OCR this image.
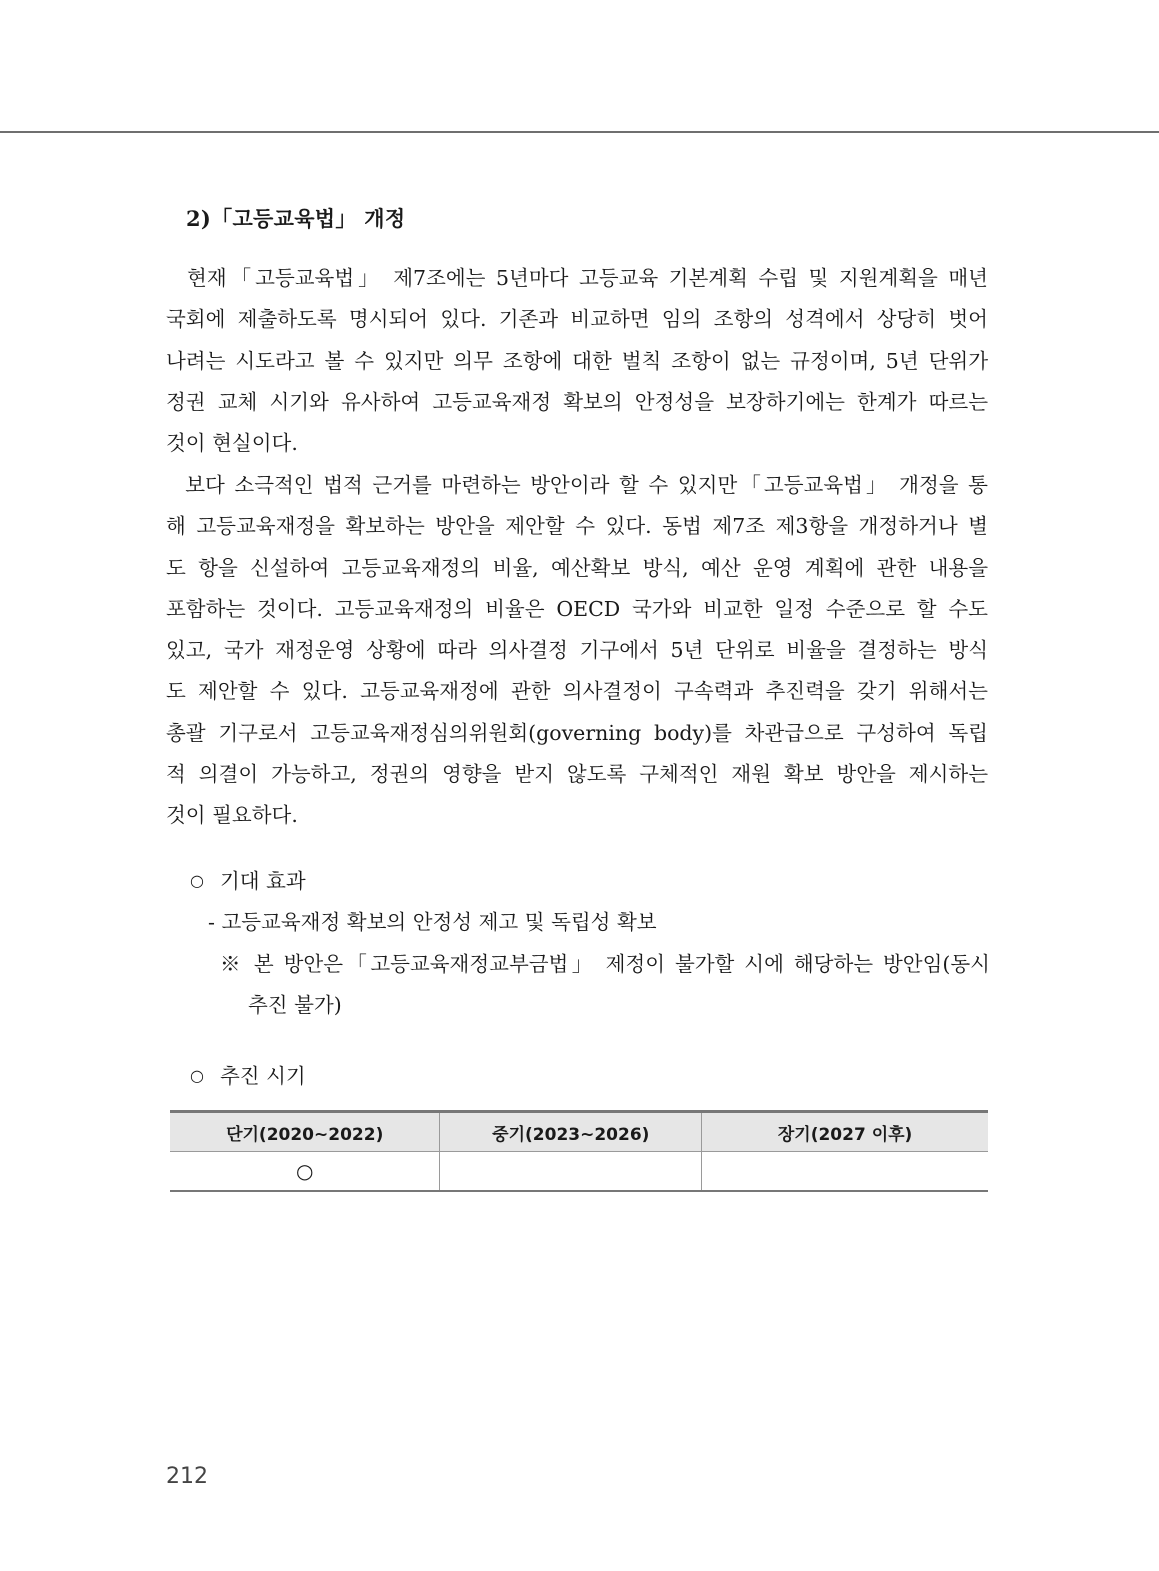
2)「고등교육법」 개정
현재「고등교육법」 제7조에는 5년마다 고등교육 기본계획 수립 및 지원계획을 매년
국회에 제출하도록 명시되어 있다. 기존과 비교하면 임의 조항의 성격에서 상당히 벗어
나려는 시도라고 볼 수 있지만 의무 조항에 대한 벌칙 조항이 없는 규정이며, 5년 단위가
정권 교체 시기와 유사하여 고등교육재정 확보의 안정성을 보장하기에는 한계가 따르는
것이 현실이다.
보다 소극적인 법적 근거를 마련하는 방안이라 할 수 있지만「고등교육법」 개정을 통
해 고등교육재정을 확보하는 방안을 제안할 수 있다. 동법 제7조 제3항을 개정하거나 별
도 항을 신설하여 고등교육재정의 비율, 예산확보 방식, 예산 운영 계획에 관한 내용을
포함하는 것이다. 고등교육재정의 비율은 OECD 국가와 비교한 일정 수준으로 할 수도
있고, 국가 재정운영 상황에 따라 의사결정 기구에서 5년 단위로 비율을 결정하는 방식
도 제안할 수 있다. 고등교육재정에 관한 의사결정이 구속력과 추진력을 갖기 위해서는
총괄 기구로서 고등교육재정심의위원회(governing body)를 차관급으로 구성하여 독립
적 의결이 가능하고, 정권의 영향을 받지 않도록 구체적인 재원 확보 방안을 제시하는
것이 필요하다.
○ 기대 효과
- 고등교육재정 확보의 안정성 제고 및 독립성 확보
※ 본 방안은「고등교육재정교부금법」 제정이 불가할 시에 해당하는 방안임(동시
추진 불가)
○ 추진 시기
단기(2020~2022)	중기(2023~2026)	장기(2027 이후)
○		
212
